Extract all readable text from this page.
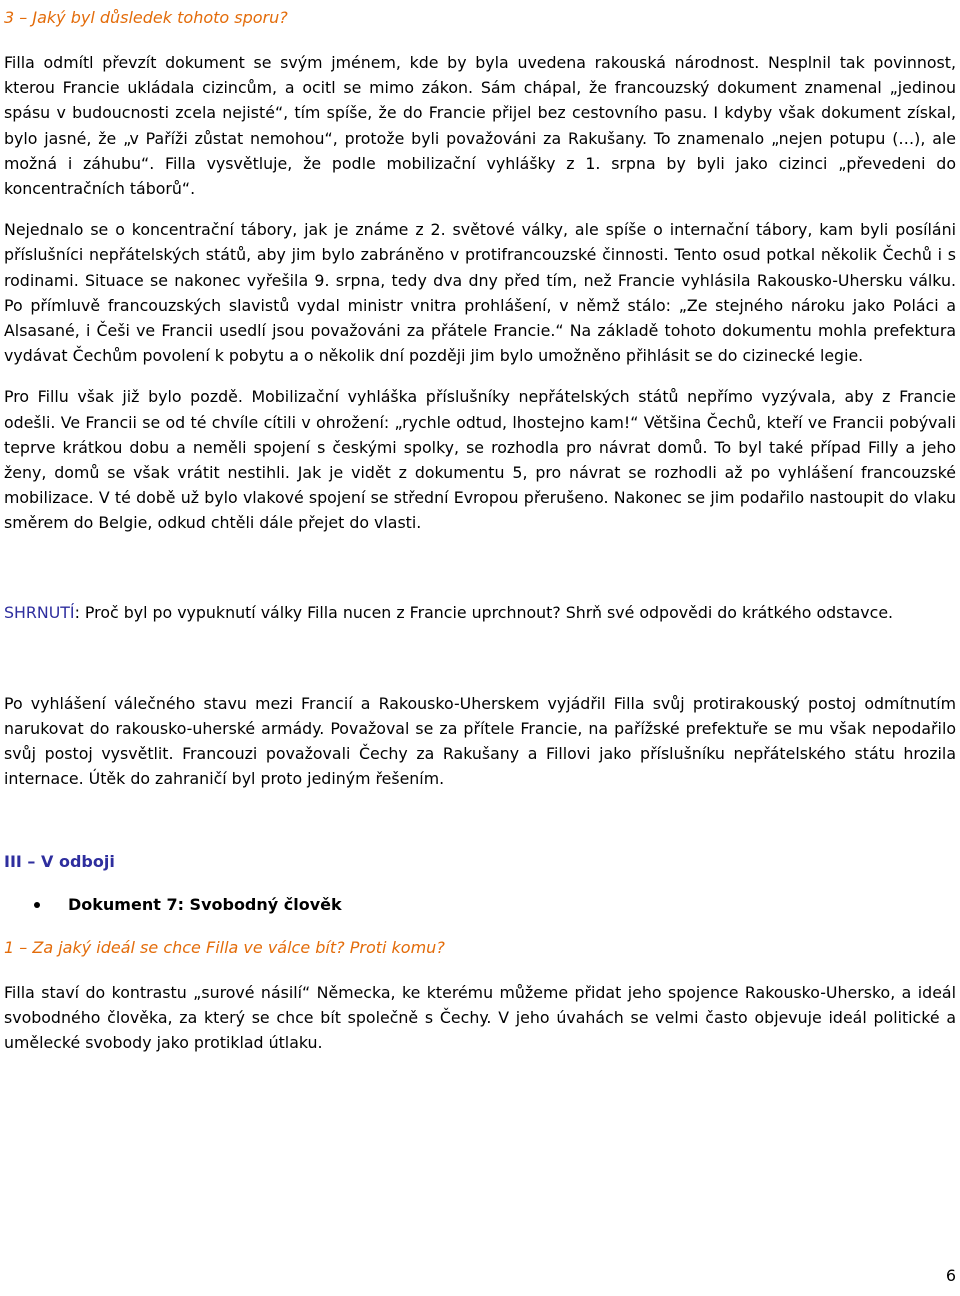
3 – Jaký byl důsledek tohoto sporu?

Filla odmítl převzít dokument se svým jménem, kde by byla uvedena rakouská národnost. Nesplnil tak povinnost, kterou Francie ukládala cizincům, a ocitl se mimo zákon. Sám chápal, že francouzský dokument znamenal „jedinou spásu v budoucnosti zcela nejisté“, tím spíše, že do Francie přijel bez cestovního pasu. I kdyby však dokument získal, bylo jasné, že „v Paříži zůstat nemohou“, protože byli považováni za Rakušany. To znamenalo „nejen potupu (…), ale možná i záhubu“. Filla vysvětluje, že podle mobilizační vyhlášky z 1. srpna by byli jako cizinci „převedeni do koncentračních táborů“.

Nejednalo se o koncentrační tábory, jak je známe z 2. světové války, ale spíše o internační tábory, kam byli posíláni příslušníci nepřátelských států, aby jim bylo zabráněno v protifrancouzské činnosti. Tento osud potkal několik Čechů i s rodinami. Situace se nakonec vyřešila 9. srpna, tedy dva dny před tím, než Francie vyhlásila Rakousko-Uhersku válku. Po přímluvě francouzských slavistů vydal ministr vnitra prohlášení, v němž stálo: „Ze stejného nároku jako Poláci a Alsasané, i Češi ve Francii usedlí jsou považováni za přátele Francie.“ Na základě tohoto dokumentu mohla prefektura vydávat Čechům povolení k pobytu a o několik dní později jim bylo umožněno přihlásit se do cizinecké legie.

Pro Fillu však již bylo pozdě. Mobilizační vyhláška příslušníky nepřátelských států nepřímo vyzývala, aby z Francie odešli. Ve Francii se od té chvíle cítili v ohrožení: „rychle odtud, lhostejno kam!“ Většina Čechů, kteří ve Francii pobývali teprve krátkou dobu a neměli spojení s českými spolky, se rozhodla pro návrat domů. To byl také případ Filly a jeho ženy, domů se však vrátit nestihli. Jak je vidět z dokumentu 5, pro návrat se rozhodli až po vyhlášení francouzské mobilizace. V té době už bylo vlakové spojení se střední Evropou přerušeno. Nakonec se jim podařilo nastoupit do vlaku směrem do Belgie, odkud chtěli dále přejet do vlasti.

SHRNUTÍ: Proč byl po vypuknutí války Filla nucen z Francie uprchnout? Shrň své odpovědi do krátkého odstavce.

Po vyhlášení válečného stavu mezi Francií a Rakousko-Uherskem vyjádřil Filla svůj protirakouský postoj odmítnutím narukovat do rakousko-uherské armády. Považoval se za přítele Francie, na pařížské prefektuře se mu však nepodařilo svůj postoj vysvětlit. Francouzi považovali Čechy za Rakušany a Fillovi jako příslušníku nepřátelského státu hrozila internace. Útěk do zahraničí byl proto jediným řešením.

III – V odboji

Dokument 7: Svobodný člověk

1 – Za jaký ideál se chce Filla ve válce bít? Proti komu?

Filla staví do kontrastu „surové násilí“ Německa, ke kterému můžeme přidat jeho spojence Rakousko-Uhersko, a ideál svobodného člověka, za který se chce bít společně s Čechy. V jeho úvahách se velmi často objevuje ideál politické a umělecké svobody jako protiklad útlaku.

6
